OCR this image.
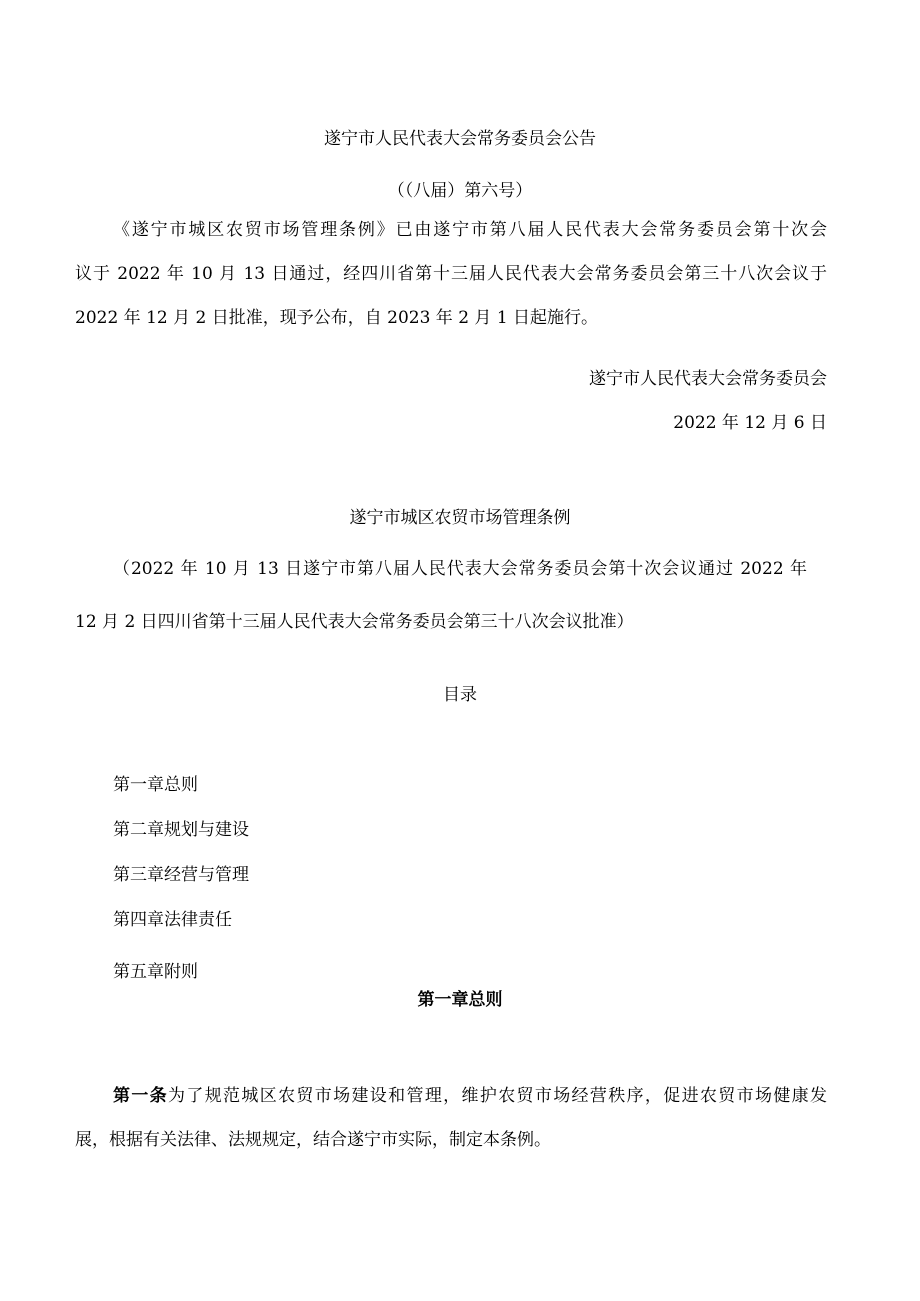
遂宁市人民代表大会常务委员会公告
（（八届）第六号）
《遂宁市城区农贸市场管理条例》已由遂宁市第八届人民代表大会常务委员会第十次会
议于 2022 年 10 月 13 日通过，经四川省第十三届人民代表大会常务委员会第三十八次会议于
2022 年 12 月 2 日批准，现予公布，自 2023 年 2 月 1 日起施行。
遂宁市人民代表大会常务委员会
2022 年 12 月 6 日
遂宁市城区农贸市场管理条例
（2022 年 10 月 13 日遂宁市第八届人民代表大会常务委员会第十次会议通过 2022 年
12 月 2 日四川省第十三届人民代表大会常务委员会第三十八次会议批准）
目录
第一章总则
第二章规划与建设
第三章经营与管理
第四章法律责任
第五章附则
第一章总则
第一条为了规范城区农贸市场建设和管理，维护农贸市场经营秩序，促进农贸市场健康发
展，根据有关法律、法规规定，结合遂宁市实际，制定本条例。
